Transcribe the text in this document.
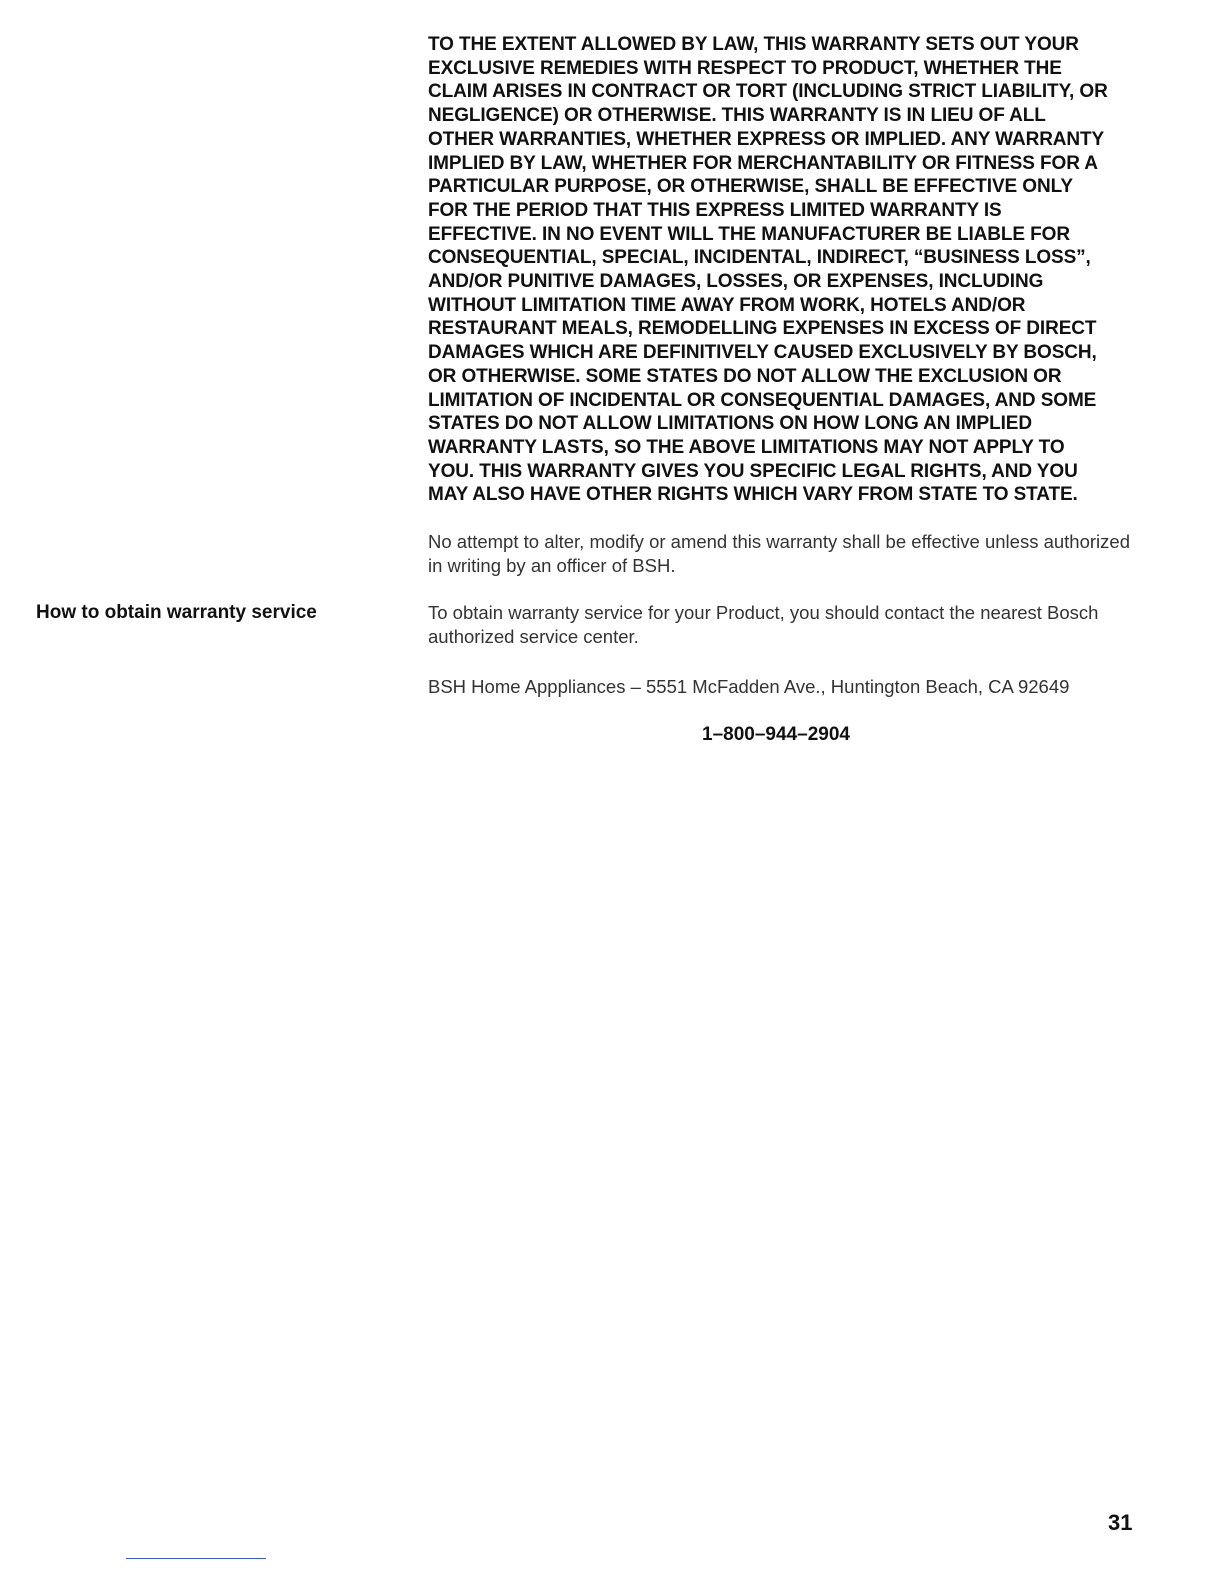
TO THE EXTENT ALLOWED BY LAW, THIS WARRANTY SETS OUT YOUR
EXCLUSIVE REMEDIES WITH RESPECT TO PRODUCT, WHETHER THE
CLAIM ARISES IN CONTRACT OR TORT (INCLUDING STRICT LIABILITY, OR
NEGLIGENCE) OR OTHERWISE. THIS WARRANTY IS IN LIEU OF ALL
OTHER WARRANTIES, WHETHER EXPRESS OR IMPLIED. ANY WARRANTY
IMPLIED BY LAW, WHETHER FOR MERCHANTABILITY OR FITNESS FOR A
PARTICULAR PURPOSE, OR OTHERWISE, SHALL BE EFFECTIVE ONLY
FOR THE PERIOD THAT THIS EXPRESS LIMITED WARRANTY IS
EFFECTIVE. IN NO EVENT WILL THE MANUFACTURER BE LIABLE FOR
CONSEQUENTIAL, SPECIAL, INCIDENTAL, INDIRECT, “BUSINESS LOSS”,
AND/OR PUNITIVE DAMAGES, LOSSES, OR EXPENSES, INCLUDING
WITHOUT LIMITATION TIME AWAY FROM WORK, HOTELS AND/OR
RESTAURANT MEALS, REMODELLING EXPENSES IN EXCESS OF DIRECT
DAMAGES WHICH ARE DEFINITIVELY CAUSED EXCLUSIVELY BY BOSCH,
OR OTHERWISE. SOME STATES DO NOT ALLOW THE EXCLUSION OR
LIMITATION OF INCIDENTAL OR CONSEQUENTIAL DAMAGES, AND SOME
STATES DO NOT ALLOW LIMITATIONS ON HOW LONG AN IMPLIED
WARRANTY LASTS, SO THE ABOVE LIMITATIONS MAY NOT APPLY TO
YOU. THIS WARRANTY GIVES YOU SPECIFIC LEGAL RIGHTS, AND YOU
MAY ALSO HAVE OTHER RIGHTS WHICH VARY FROM STATE TO STATE.

No attempt to alter, modify or amend this warranty shall be effective unless authorized in writing by an officer of BSH.

How to obtain warranty service	To obtain warranty service for your Product, you should contact the nearest Bosch authorized service center.

BSH Home Apppliances – 5551 McFadden Ave., Huntington Beach, CA 92649

1–800–944–2904

31
